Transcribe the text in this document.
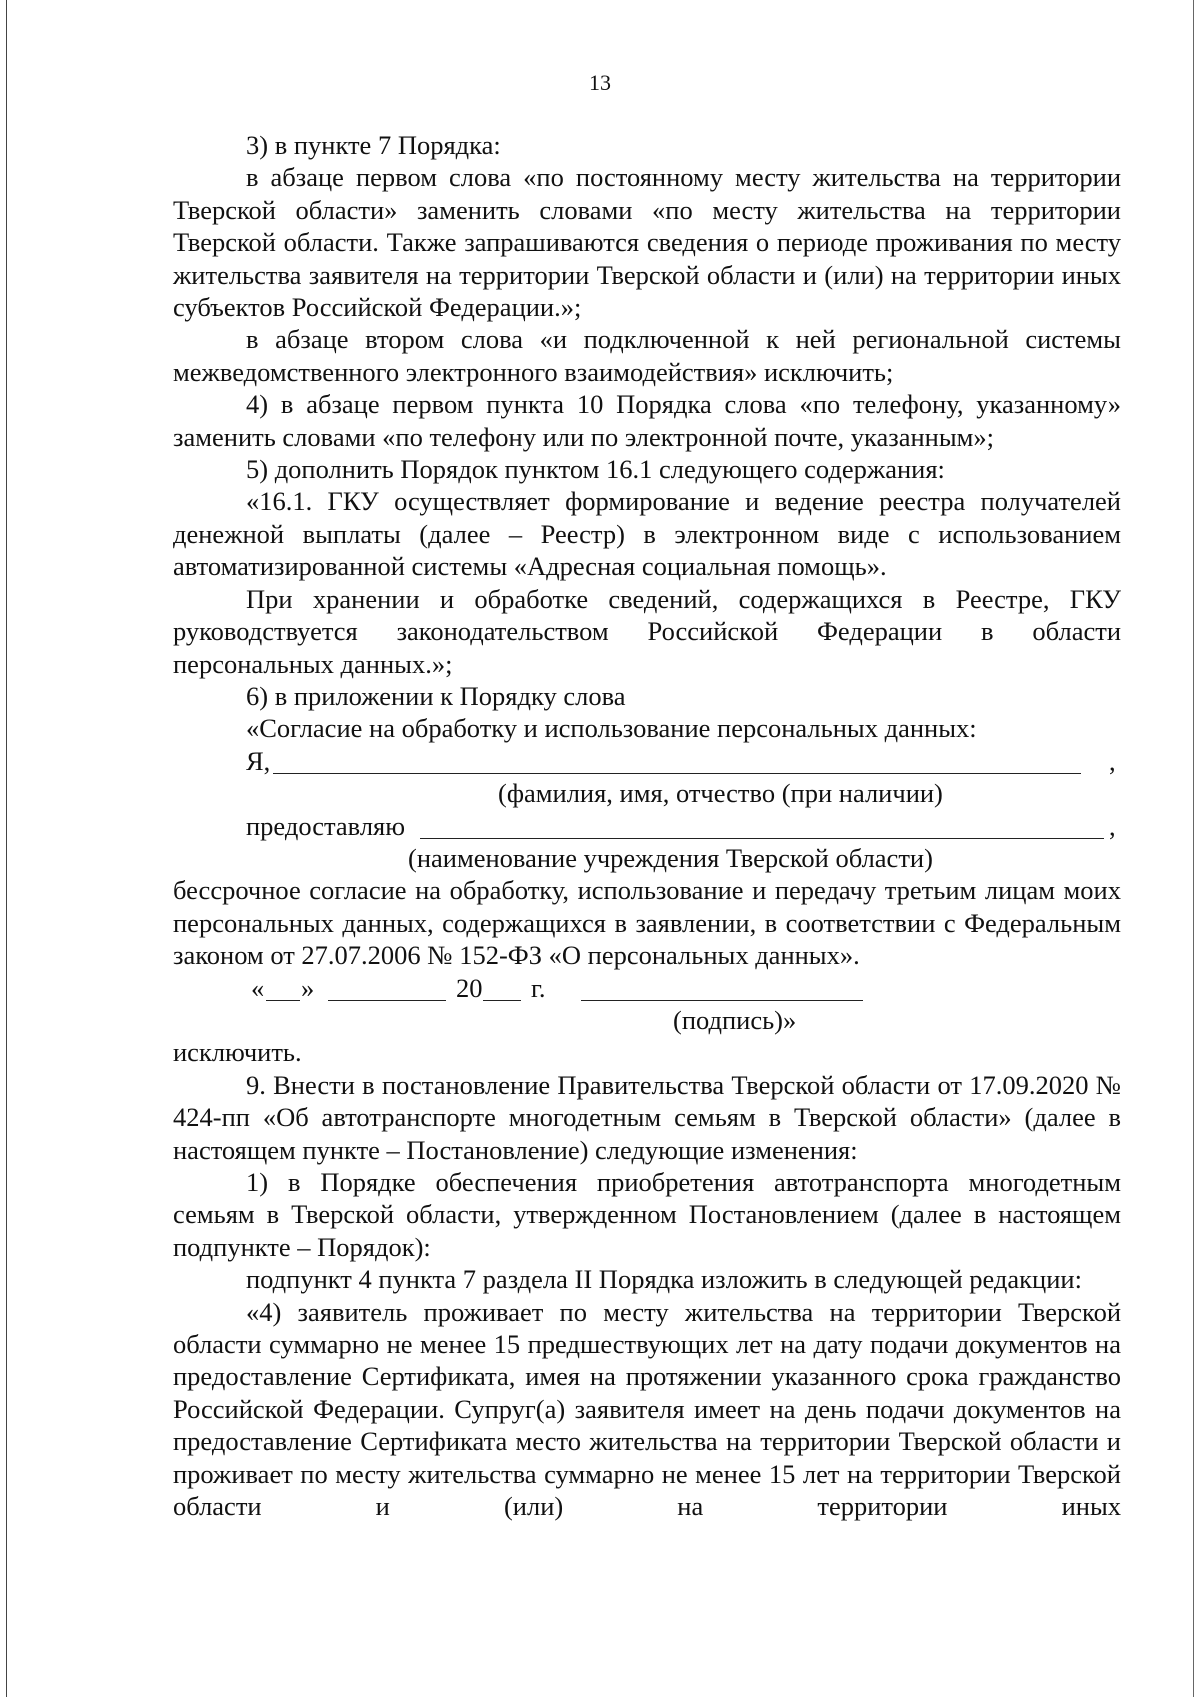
13

3) в пункте 7 Порядка:

в абзаце первом слова «по постоянному месту жительства на территории Тверской области» заменить словами «по месту жительства на территории Тверской области. Также запрашиваются сведения о периоде проживания по месту жительства заявителя на территории Тверской области и (или) на территории иных субъектов Российской Федерации.»;

в абзаце втором слова «и подключенной к ней региональной системы межведомственного электронного взаимодействия» исключить;

4) в абзаце первом пункта 10 Порядка слова «по телефону, указанному» заменить словами «по телефону или по электронной почте, указанным»;

5) дополнить Порядок пунктом 16.1 следующего содержания:

«16.1. ГКУ осуществляет формирование и ведение реестра получателей денежной выплаты (далее – Реестр) в электронном виде с использованием автоматизированной системы «Адресная социальная помощь».

При хранении и обработке сведений, содержащихся в Реестре, ГКУ руководствуется законодательством Российской Федерации в области персональных данных.»;

6) в приложении к Порядку слова

«Согласие на обработку и использование персональных данных:

Я,	,
(фамилия, имя, отчество (при наличии)
предоставляю	,
(наименование учреждения Тверской области)

бессрочное согласие на обработку, использование и передачу третьим лицам моих персональных данных, содержащихся в заявлении, в соответствии с Федеральным законом от 27.07.2006 № 152-ФЗ «О персональных данных».

« »	20 г.
(подпись)»

исключить.

9. Внести в постановление Правительства Тверской области от 17.09.2020 № 424-пп «Об автотранспорте многодетным семьям в Тверской области» (далее в настоящем пункте – Постановление) следующие изменения:

1) в Порядке обеспечения приобретения автотранспорта многодетным семьям в Тверской области, утвержденном Постановлением (далее в настоящем подпункте – Порядок):

подпункт 4 пункта 7 раздела II Порядка изложить в следующей редакции:

«4) заявитель проживает по месту жительства на территории Тверской области суммарно не менее 15 предшествующих лет на дату подачи документов на предоставление Сертификата, имея на протяжении указанного срока гражданство Российской Федерации. Супруг(а) заявителя имеет на день подачи документов на предоставление Сертификата место жительства на территории Тверской области и проживает по месту жительства суммарно не менее 15 лет на территории Тверской области и (или) на территории иных
